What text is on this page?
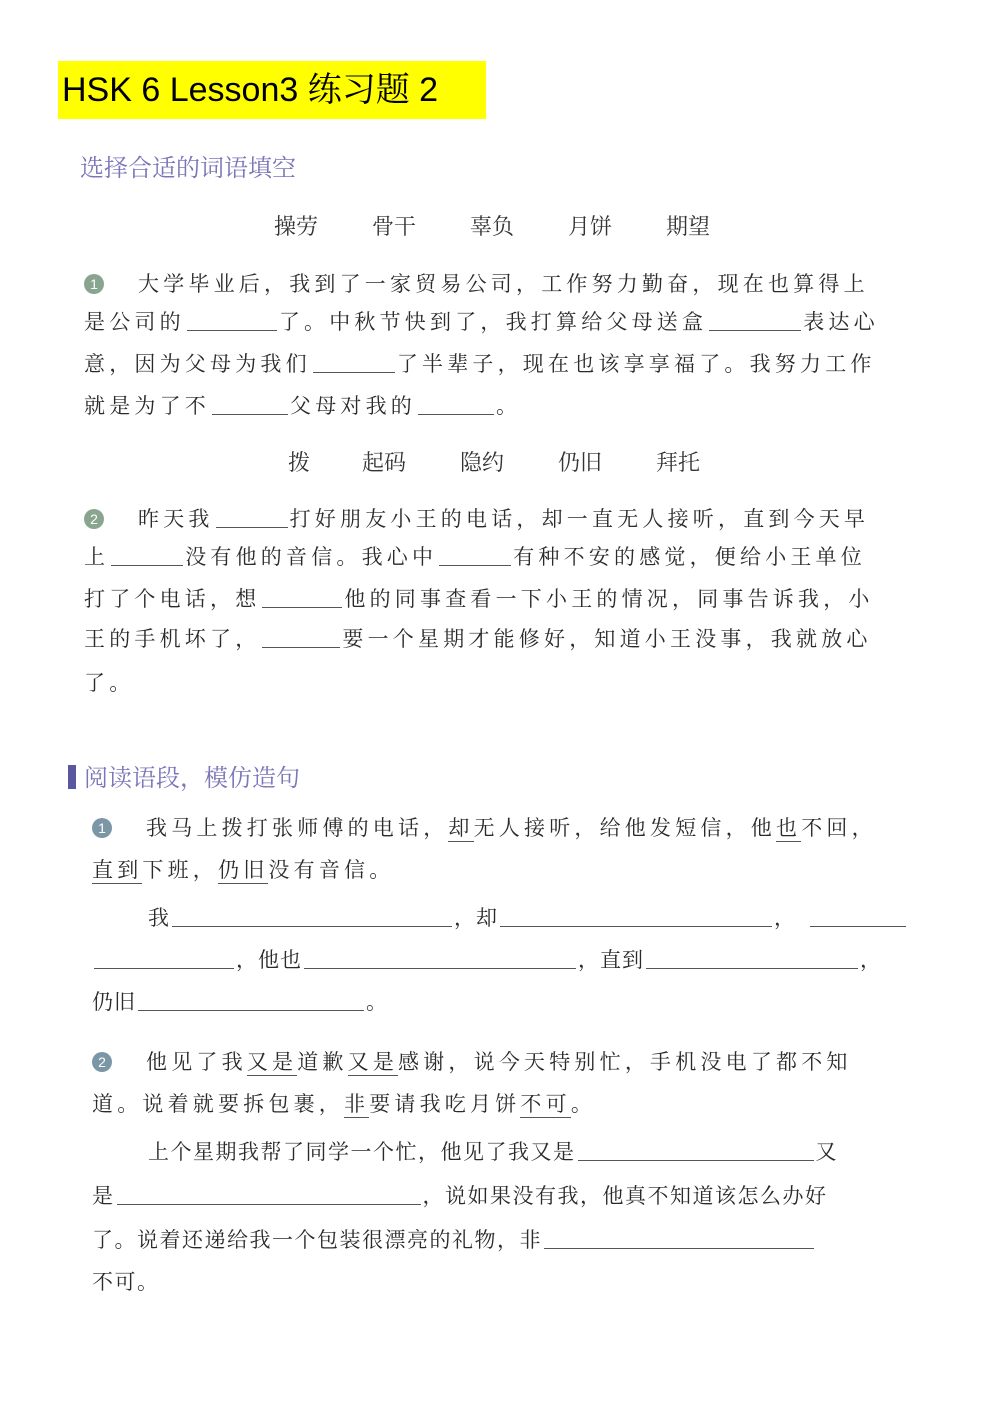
HSK 6 Lesson3 练习题 2
选择合适的词语填空
操劳	骨干	辜负	月饼	期望
1 大学毕业后，我到了一家贸易公司，工作努力勤奋，现在也算得上
是公司的	了。中秋节快到了，我打算给父母送盒	表达心
意，因为父母为我们	了半辈子，现在也该享享福了。我努力工作
就是为了不	父母对我的	。
拨	起码	隐约	仍旧	拜托
2 昨天我	打好朋友小王的电话，却一直无人接听，直到今天早
上	没有他的音信。我心中	有种不安的感觉，便给小王单位
打了个电话，想	他的同事查看一下小王的情况，同事告诉我，小
王的手机坏了，	要一个星期才能修好，知道小王没事，我就放心
了。
阅读语段，模仿造句
1 我马上拨打张师傅的电话，却无人接听，给他发短信，他也不回，
直到下班，仍旧没有音信。
我	，却	，
，他也	，直到	，
仍旧	。
2 他见了我又是道歉又是感谢，说今天特别忙，手机没电了都不知
道。说着就要拆包裹，非要请我吃月饼不可。
上个星期我帮了同学一个忙，他见了我又是	又
是	，说如果没有我，他真不知道该怎么办好
了。说着还递给我一个包装很漂亮的礼物，非
不可。
